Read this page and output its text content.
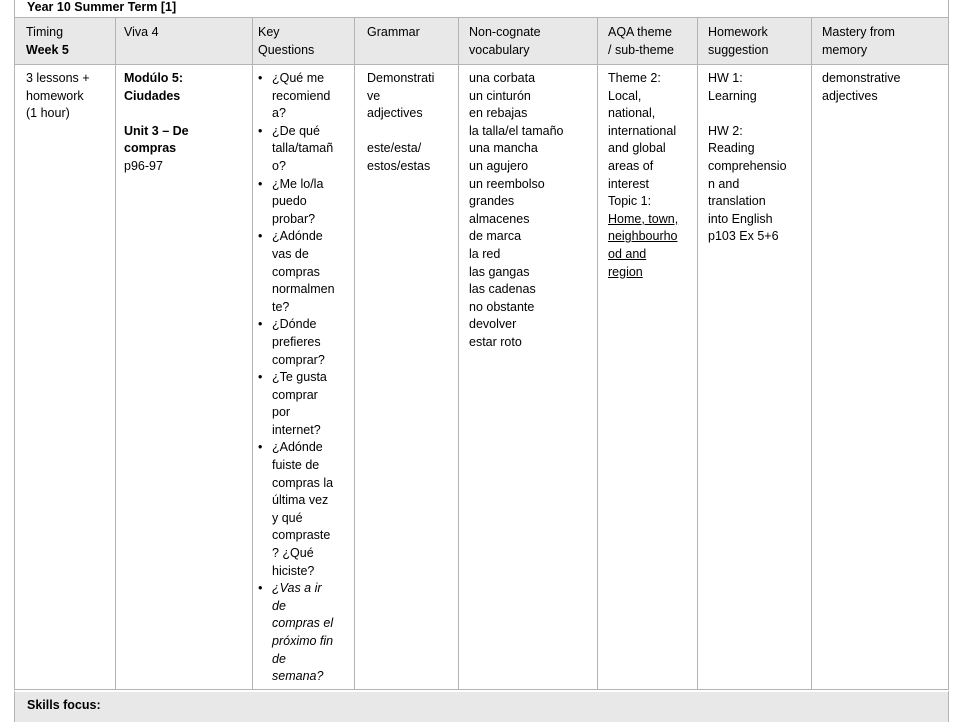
Year 10 Summer Term [1]
Timing
Week 5
Viva 4	Key
Questions
Grammar	Non-cognate
vocabulary
AQA theme
/ sub-theme
Homework
suggestion
Mastery from
memory
3 lessons +
homework
(1 hour)
Modúlo 5:
Ciudades
Unit 3 – De
compras
p96-97
• ¿Qué me
recomiend
a?
• ¿De qué
talla/tamañ
o?
• ¿Me lo/la
puedo
probar?
• ¿Adónde
vas de
compras
normalmen
te?
• ¿Dónde
prefieres
comprar?
• ¿Te gusta
comprar
por
internet?
• ¿Adónde
fuiste de
compras la
última vez
y qué
compraste
? ¿Qué
hiciste?
• ¿Vas a ir
de
compras el
próximo fin
de
semana?
Demonstrati
ve
adjectives
este/esta/
estos/estas
una corbata
un cinturón
en rebajas
la talla/el tamaño
una mancha
un agujero
un reembolso
grandes
almacenes
de marca
la red
las gangas
las cadenas
no obstante
devolver
estar roto
Theme 2:
Local,
national,
international
and global
areas of
interest
Topic 1:
Home, town,
neighbourho
od and
region
HW 1:
Learning
HW 2:
Reading
comprehensio
n and
translation
into English
p103 Ex 5+6
demonstrative
adjectives
Skills focus:
